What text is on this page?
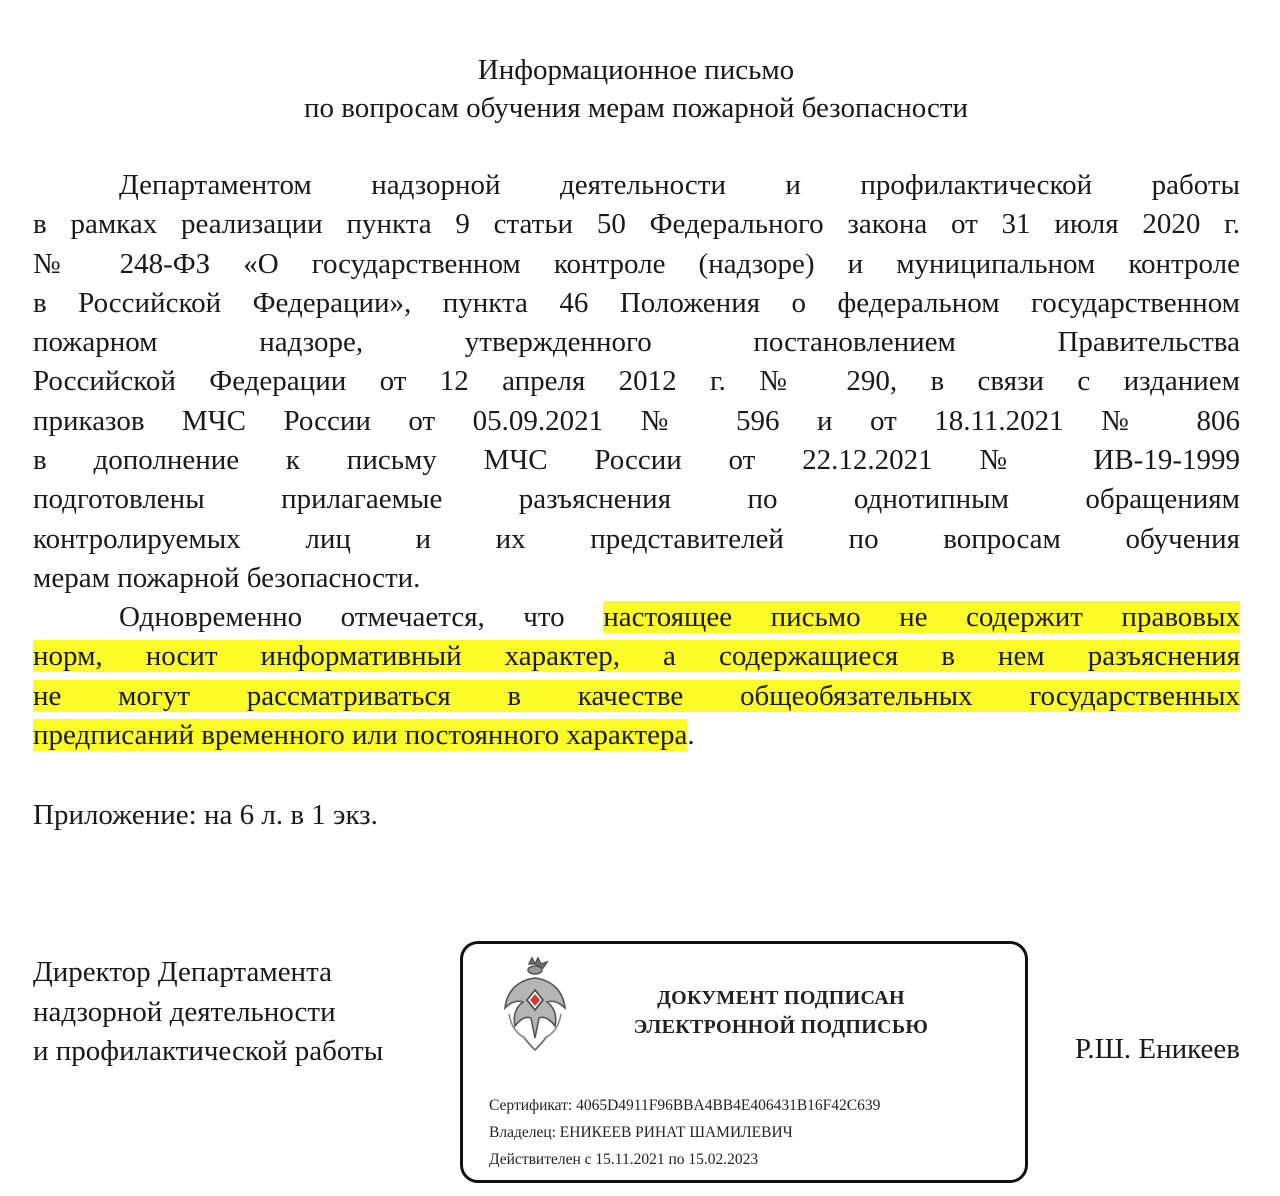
Информационное письмо
по вопросам обучения мерам пожарной безопасности
Департаментом надзорной деятельности и профилактической работы
в рамках реализации пункта 9 статьи 50 Федерального закона от 31 июля 2020 г.
№ 248-ФЗ «О государственном контроле (надзоре) и муниципальном контроле
в Российской Федерации», пункта 46 Положения о федеральном государственном
пожарном надзоре, утвержденного постановлением Правительства
Российской Федерации от 12 апреля 2012 г. № 290, в связи с изданием
приказов МЧС России от 05.09.2021 № 596 и от 18.11.2021 № 806
в дополнение к письму МЧС России от 22.12.2021 № ИВ-19-1999
подготовлены прилагаемые разъяснения по однотипным обращениям
контролируемых лиц и их представителей по вопросам обучения
мерам пожарной безопасности.
Одновременно отмечается, что настоящее письмо не содержит правовых
норм, носит информативный характер, а содержащиеся в нем разъяснения
не могут рассматриваться в качестве общеобязательных государственных
предписаний временного или постоянного характера.
Приложение: на 6 л. в 1 экз.
Директор Департамента
надзорной деятельности
и профилактической работы	Р.Ш. Еникеев
ДОКУМЕНТ ПОДПИСАН
ЭЛЕКТРОННОЙ ПОДПИСЬЮ
Сертификат: 4065D4911F96BBA4BB4E406431B16F42C639
Владелец: ЕНИКЕЕВ РИНАТ ШАМИЛЕВИЧ
Действителен с 15.11.2021 по 15.02.2023
